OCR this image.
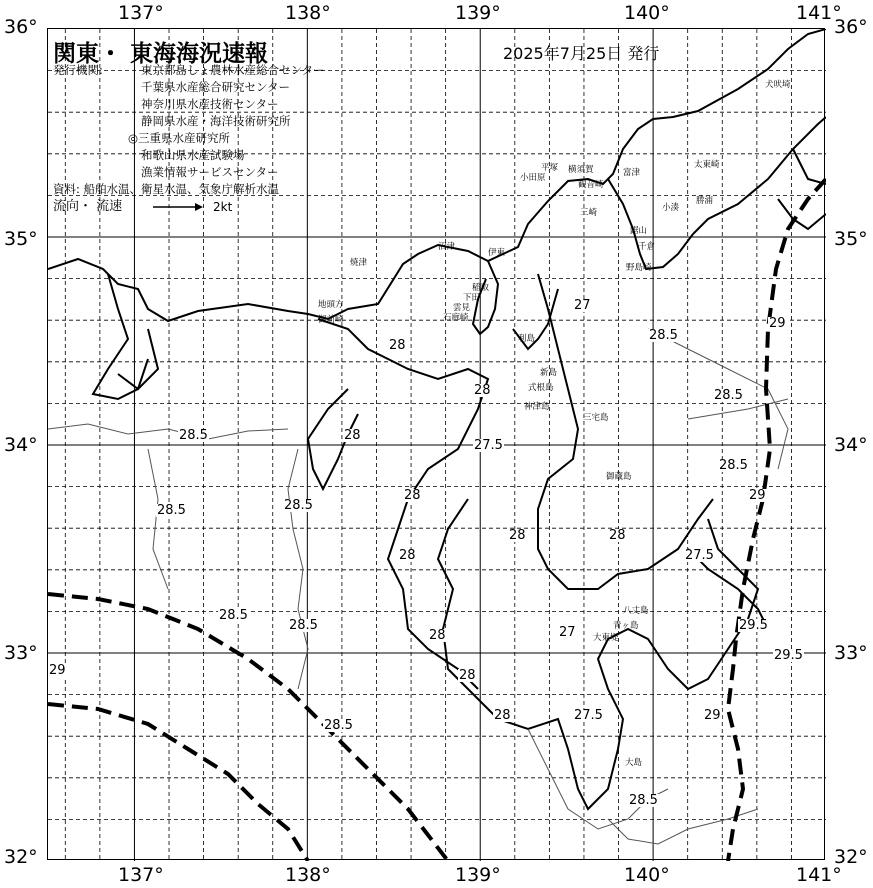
137°	138°	139°	140°	141°
137°	138°	139°	140°	141°
36°
35°
34°
33°
32°
36°
35°
34°
33°
32°
関東・ 東海海況速報	2025年7月25日 発行
発行機関:	東京都島しょ農林水産総合センター
千葉県水産総合研究センター
神奈川県水産技術センター
静岡県水産・海洋技術研究所
◎三重県水産研究所
和歌山県水産試験場
漁業情報サービスセンター
資料: 船舶水温、衛星水温、気象庁解析水温
流向・ 流速	2kt
犬吠埼
太東崎
勝浦
小湊
鋸山
千倉
野島崎
富津
観音崎
三崎
横須賀
平塚
小田原
伊東
沼津
焼津
御前崎
地頭方
稲取
下田
雲見
石廊崎
利島
新島
式根島
神津島
三宅島
御蔵島
八丈島
青ヶ島
大東堤
大島
27
27
27.5
27.5
27.5
28
28
28
28
28
28	28
28
28
28
28.5
28.5	28.5
28.5
28.5
28.5
28.5
28.5
28.5
28.5
29
29
29
29
29.5
29.5
